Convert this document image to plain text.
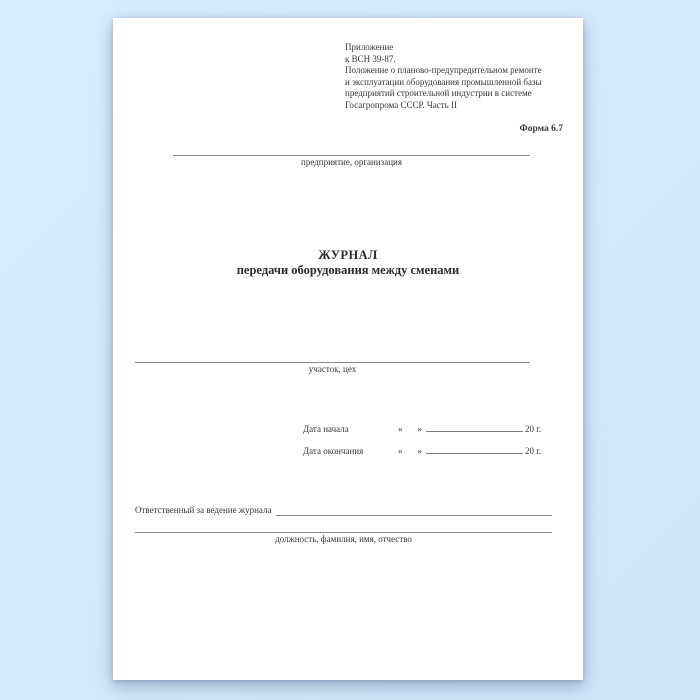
Приложение
к ВСН 39-87.
Положение о планово-предупредительном ремонте
и эксплуатации оборудования промышленной базы
предприятий строительной индустрии в системе
Госагропрома СССР. Часть II
Форма 6.7
предприятие, организация
ЖУРНАЛ
передачи оборудования между сменами
участок, цех
Дата начала	« »	20 г.
Дата окончания	« »	20 г.
Ответственный за ведение журнала
должность, фамилия, имя, отчество
